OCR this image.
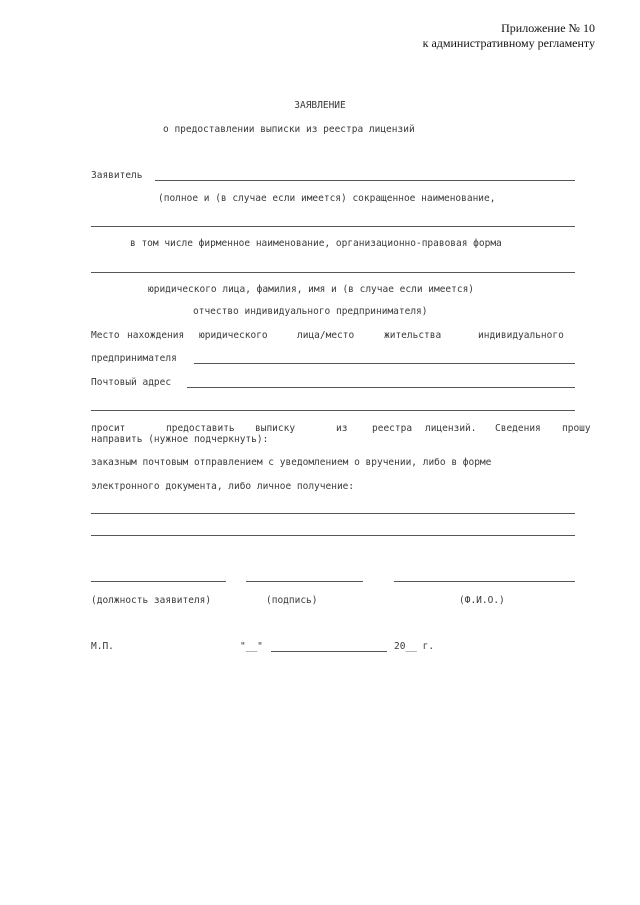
Приложение № 10
к административному регламенту
ЗАЯВЛЕНИЕ
о предоставлении выписки из реестра лицензий
Заявитель
(полное и (в случае если имеется) сокращенное наименование,
в том числе фирменное наименование, организационно-правовая форма
юридического лица, фамилия, имя и (в случае если имеется)
отчество индивидуального предпринимателя)
Место нахождения юридического	лица/место	жительства	индивидуального
предпринимателя
Почтовый адрес
просит	предоставить выписку	из	реестра лицензий. Сведения прошу
направить (нужное подчеркнуть):
заказным почтовым отправлением с уведомлением о вручении, либо в форме
электронного документа, либо личное получение:
(должность заявителя)	(подпись)	(Ф.И.О.)
М.П.	"__"	20__ г.
